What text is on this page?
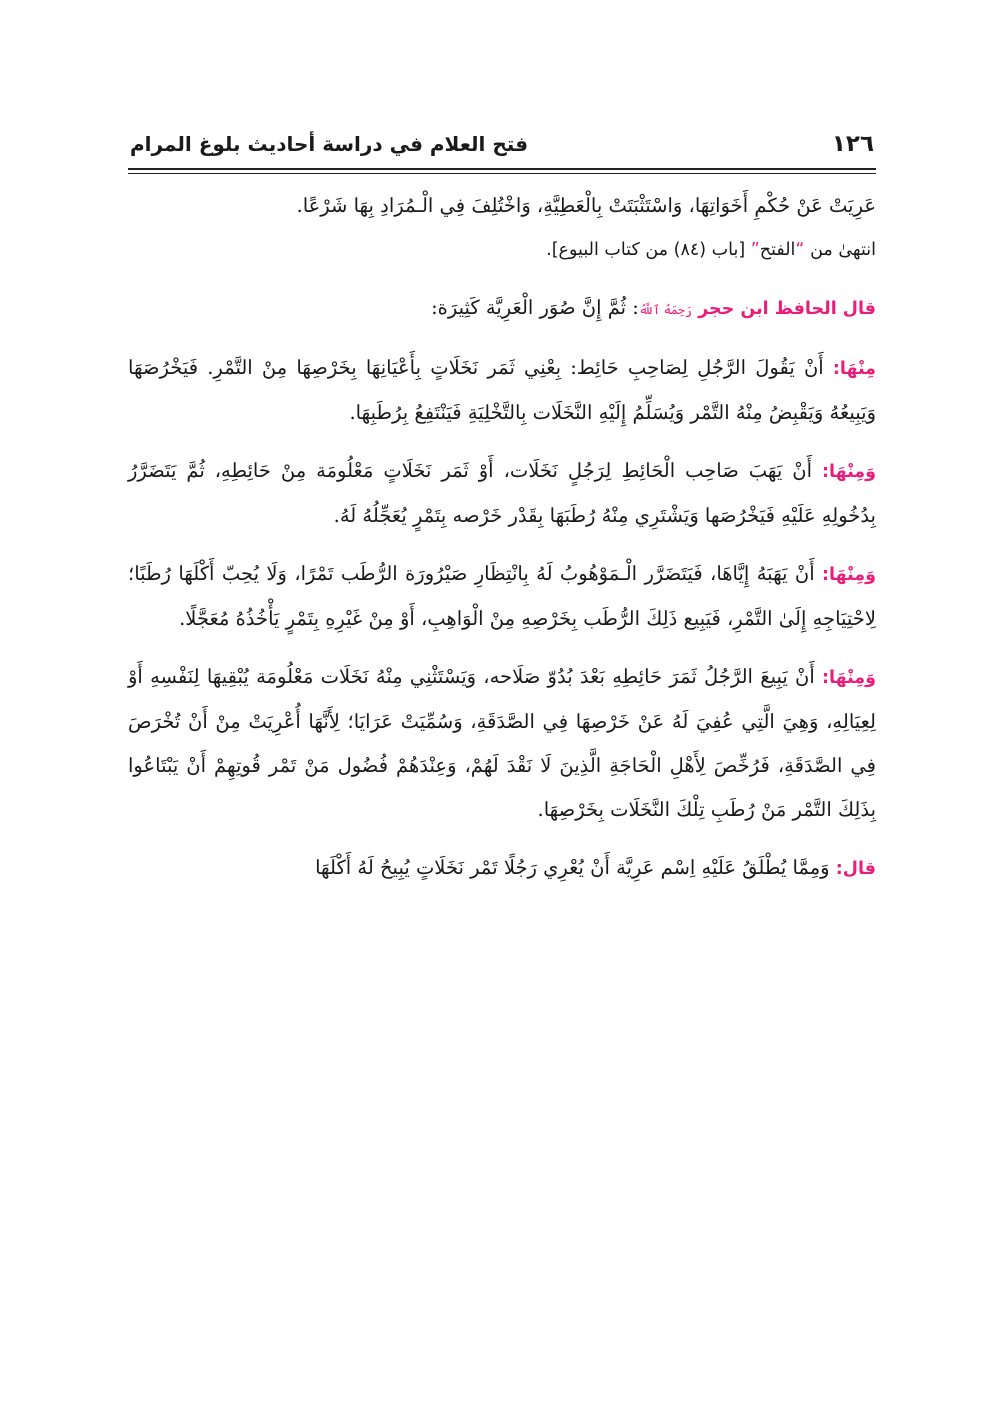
١٢٦
فتح العلام في دراسة أحاديث بلوغ المرام

عَرِيَتْ عَنْ حُكْمِ أَخَوَاتِهَا، وَاسْتَثْبَتَتْ بِالْعَطِيَّةِ، وَاخْتُلِفَ فِي الْـمُرَادِ بِهَا شَرْعًا.

انتهىٰ من “الفتح” [باب (٨٤) من كتاب البيوع].

قال الحافظ ابن حجر رَحِمَهُ ٱللَّهُ: ثُمَّ إِنَّ صُوَر الْعَرِيَّة كَثِيرَة:

مِنْهَا: أَنْ يَقُولَ الرَّجُلِ لِصَاحِبِ حَائِط: بِعْنِي ثَمَر نَخَلَاتٍ بِأَعْيَانِهَا بِخَرْصِهَا مِنْ التَّمْرِ. فَيَخْرُصَهَا وَيَبِيعُهُ وَيَقْبِضُ مِنْهُ التَّمْر وَيُسَلِّمُ إِلَيْهِ النَّخَلَات بِالتَّخْلِيَةِ فَيَنْتَفِعُ بِرُطَبِهَا.

وَمِنْهَا: أَنْ يَهَبَ صَاحِب الْحَائِطِ لِرَجُلٍ نَخَلَات، أَوْ ثَمَر نَخَلَاتٍ مَعْلُومَة مِنْ حَائِطِهِ، ثُمَّ يَتَضَرَّرُ بِدُخُولِهِ عَلَيْهِ فَيَخْرُصَها وَيَشْتَرِي مِنْهُ رُطَبَهَا بِقَدْر خَرْصه بِتَمْرٍ يُعَجِّلُهُ لَهُ.

وَمِنْهَا: أَنْ يَهَبَهُ إِيَّاهَا، فَيَتَضَرَّر الْـمَوْهُوبُ لَهُ بِانْتِظَارِ صَيْرُورَة الرُّطَب تَمْرًا، وَلَا يُحِبّ أَكْلَهَا رُطَبًا؛ لِاحْتِيَاجِهِ إِلَىٰ التَّمْرِ، فَيَبِيع ذَلِكَ الرُّطَب بِخَرْصِهِ مِنْ الْوَاهِبِ، أَوْ مِنْ غَيْرِهِ بِتَمْرٍ يَأْخُذُهُ مُعَجَّلًا.

وَمِنْهَا: أَنْ يَبِيعَ الرَّجُلُ ثَمَرَ حَائِطِهِ بَعْدَ بُدُوّ صَلَاحه، وَيَسْتَثْنِي مِنْهُ نَخَلَات مَعْلُومَة يُبْقِيهَا لِنَفْسِهِ أَوْ لِعِيَالِهِ، وَهِيَ الَّتِي عُفِيَ لَهُ عَنْ خَرْصِهَا فِي الصَّدَقَةِ، وَسُمِّيَتْ عَرَايَا؛ لِأَنَّهَا أُعْرِيَتْ مِنْ أَنْ تُخْرَصَ فِي الصَّدَقَةِ، فَرُخِّصَ لِأَهْلِ الْحَاجَةِ الَّذِينَ لَا نَقْدَ لَهُمْ، وَعِنْدَهُمْ فُضُول مَنْ تَمْر قُوتِهِمْ أَنْ يَبْتَاعُوا بِذَلِكَ التَّمْر مَنْ رُطَبِ تِلْكَ النَّخَلَات بِخَرْصِهَا.

قال: وَمِمَّا يُطْلَقُ عَلَيْهِ اِسْم عَرِيَّة أَنْ يُعْرِي رَجُلًا تَمْر نَخَلَاتٍ يُبِيحُ لَهُ أَكْلَهَا
